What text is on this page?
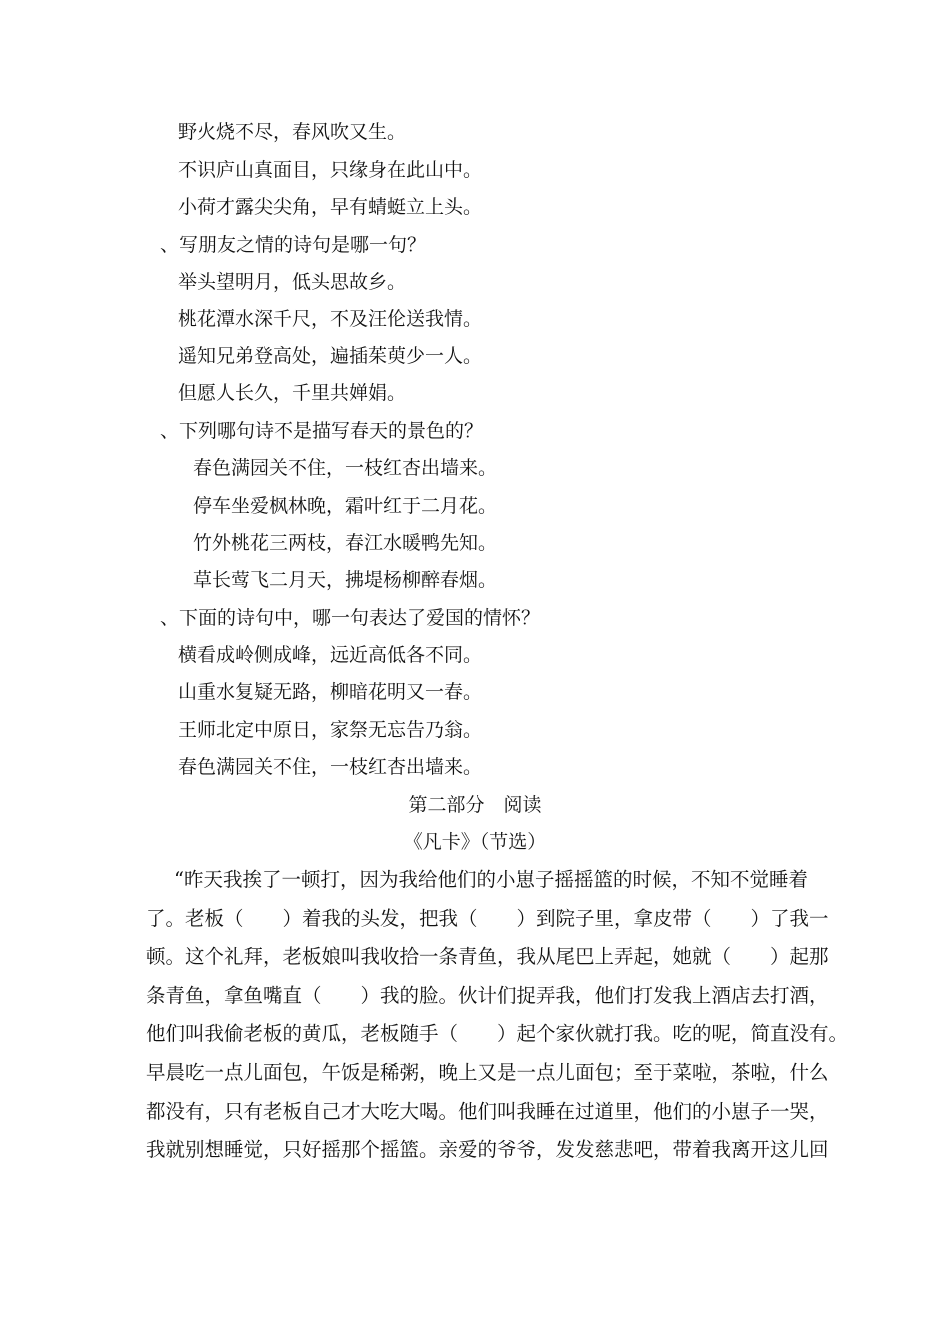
野火烧不尽，春风吹又生。
不识庐山真面目，只缘身在此山中。
小荷才露尖尖角，早有蜻蜓立上头。
、写朋友之情的诗句是哪一句？
举头望明月，低头思故乡。
桃花潭水深千尺，不及汪伦送我情。
遥知兄弟登高处，遍插茱萸少一人。
但愿人长久，千里共婵娟。
、下列哪句诗不是描写春天的景色的？
春色满园关不住，一枝红杏出墙来。
停车坐爱枫林晚，霜叶红于二月花。
竹外桃花三两枝，春江水暖鸭先知。
草长莺飞二月天，拂堤杨柳醉春烟。
、下面的诗句中，哪一句表达了爱国的情怀？
横看成岭侧成峰，远近高低各不同。
山重水复疑无路，柳暗花明又一春。
王师北定中原日，家祭无忘告乃翁。
春色满园关不住，一枝红杏出墙来。
第二部分　阅读
《凡卡》（节选）
“昨天我挨了一顿打，因为我给他们的小崽子摇摇篮的时候，不知不觉睡着
了。老板（　　）着我的头发，把我（　　）到院子里，拿皮带（　　）了我一
顿。这个礼拜，老板娘叫我收拾一条青鱼，我从尾巴上弄起，她就（　　）起那
条青鱼，拿鱼嘴直（　　）我的脸。伙计们捉弄我，他们打发我上酒店去打酒，
他们叫我偷老板的黄瓜，老板随手（　　）起个家伙就打我。吃的呢，简直没有。
早晨吃一点儿面包，午饭是稀粥，晚上又是一点儿面包；至于菜啦，茶啦，什么
都没有，只有老板自己才大吃大喝。他们叫我睡在过道里，他们的小崽子一哭，
我就别想睡觉，只好摇那个摇篮。亲爱的爷爷，发发慈悲吧，带着我离开这儿回
